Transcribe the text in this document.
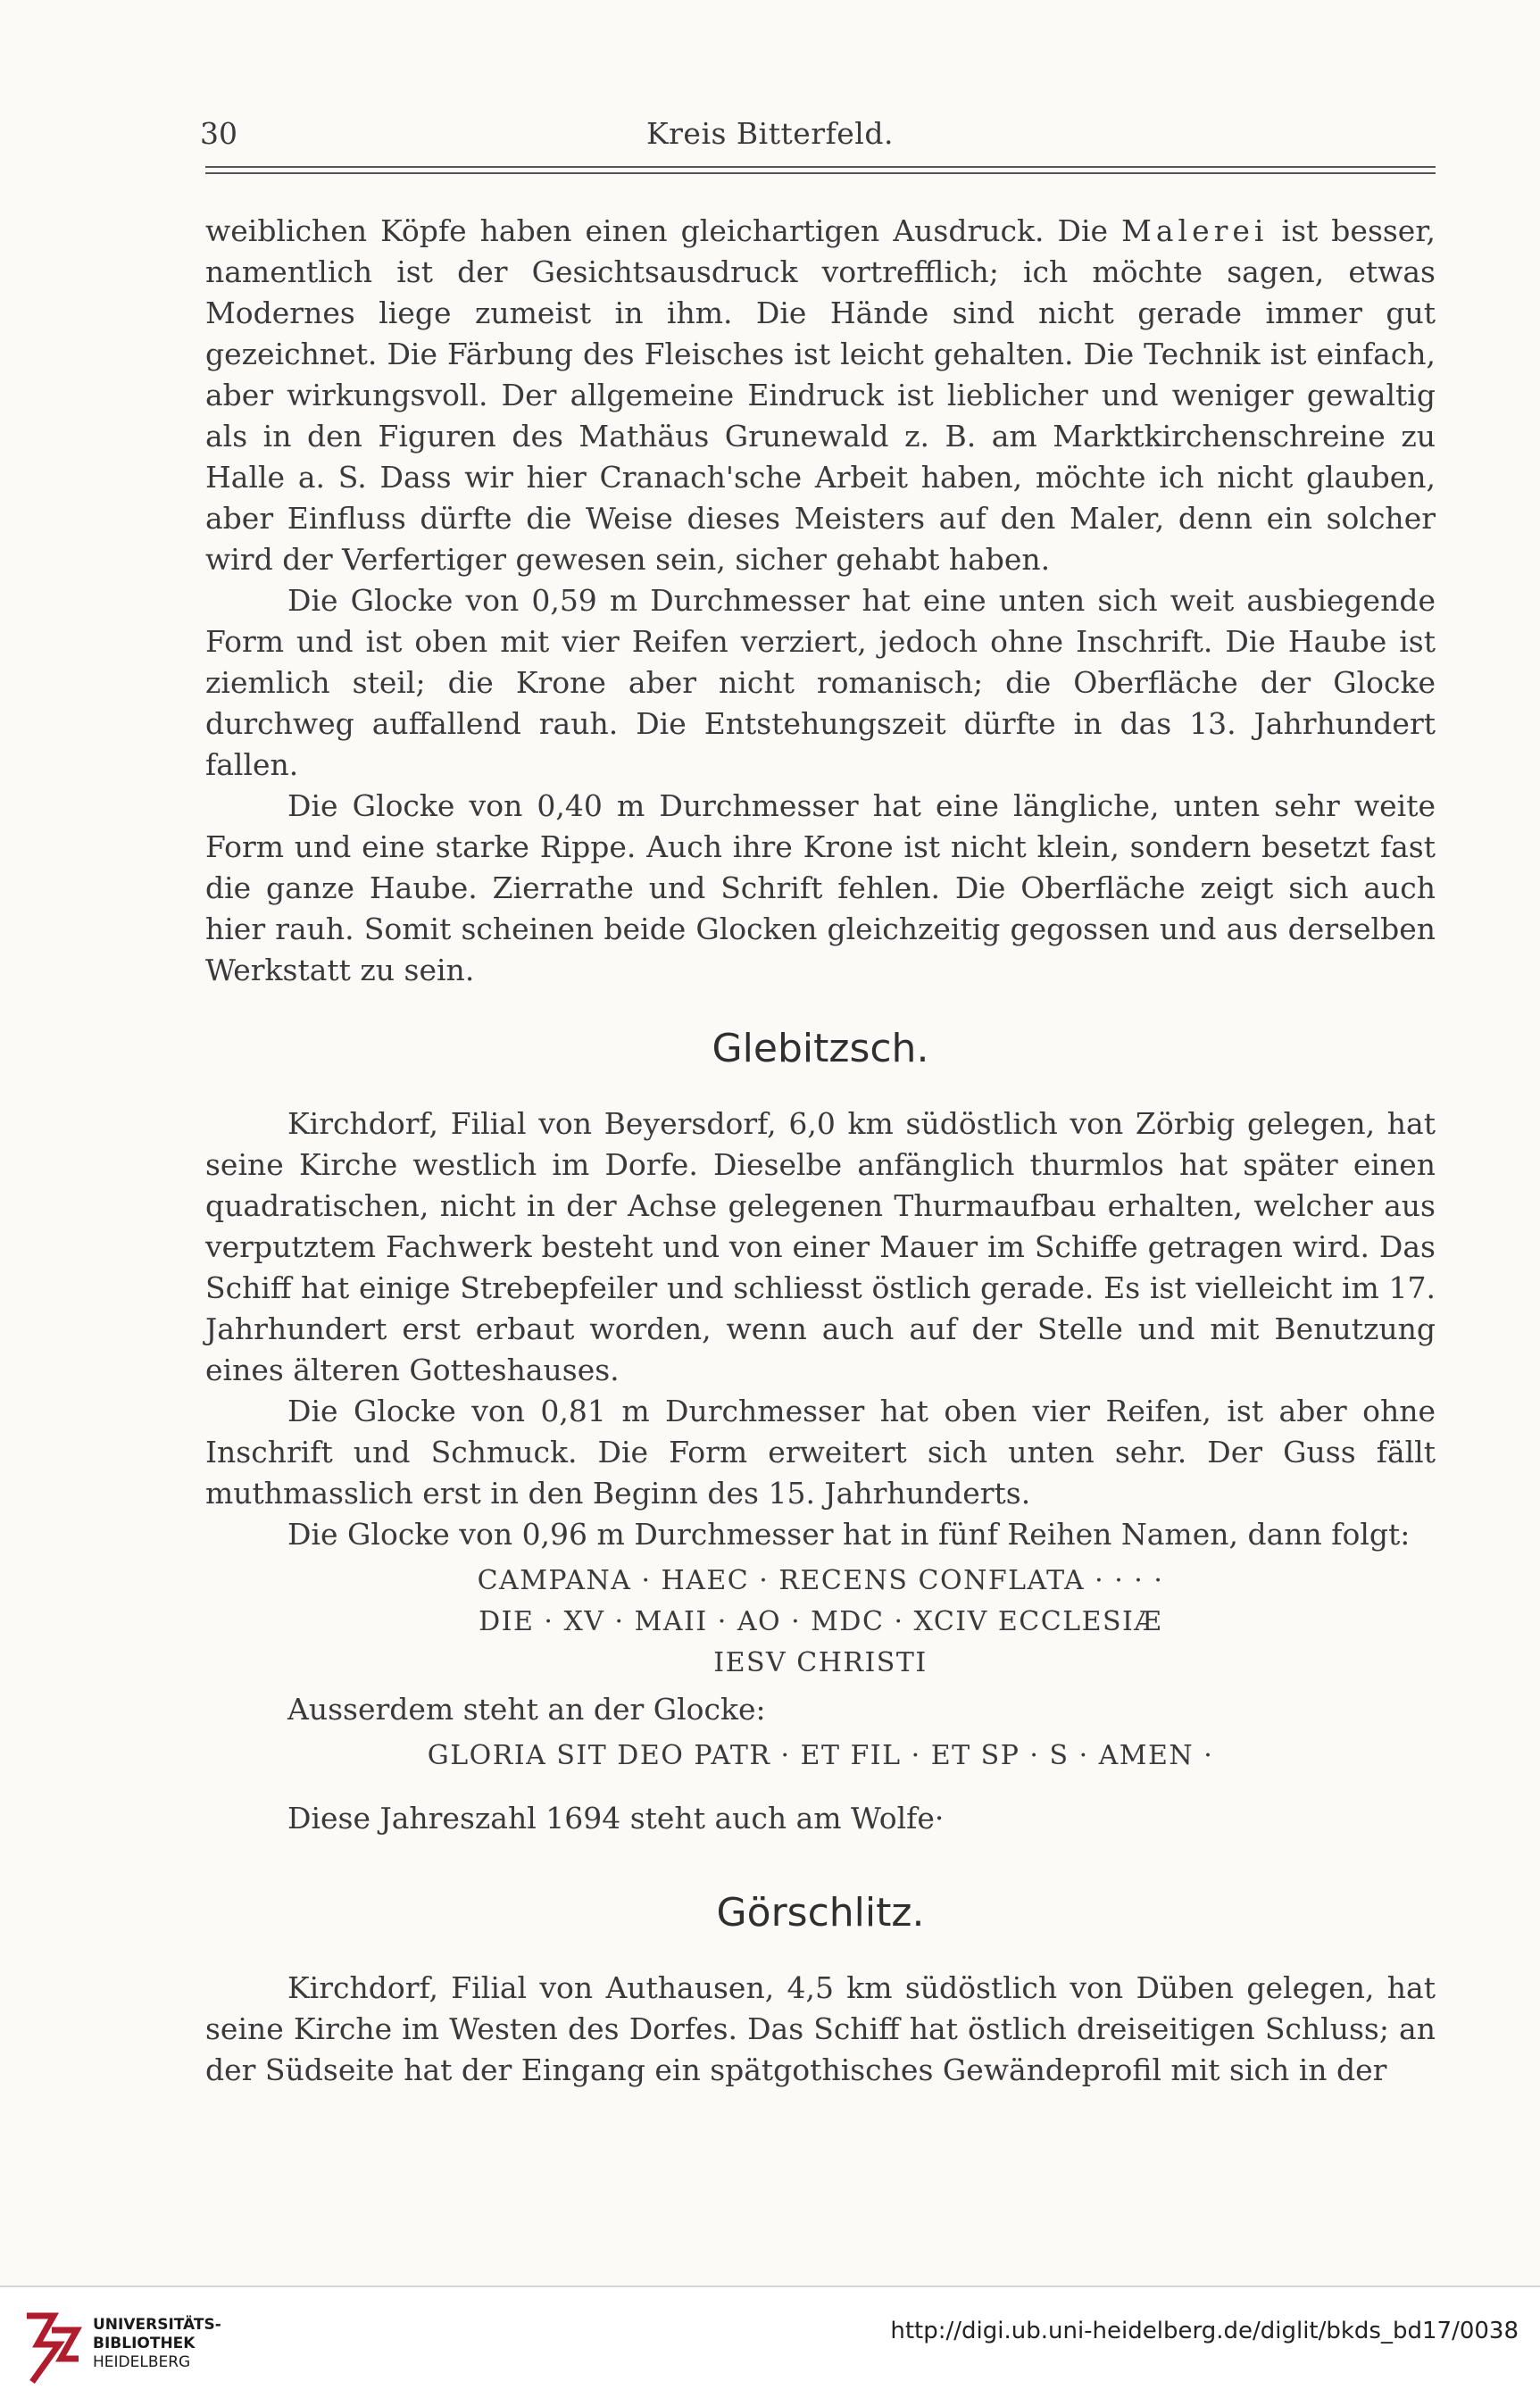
30	Kreis Bitterfeld.

weiblichen Köpfe haben einen gleichartigen Ausdruck. Die Malerei ist besser, namentlich ist der Gesichtsausdruck vortrefflich; ich möchte sagen, etwas Modernes liege zumeist in ihm. Die Hände sind nicht gerade immer gut gezeichnet. Die Färbung des Fleisches ist leicht gehalten. Die Technik ist einfach, aber wirkungsvoll. Der allgemeine Eindruck ist lieblicher und weniger gewaltig als in den Figuren des Mathäus Grunewald z. B. am Marktkirchenschreine zu Halle a. S. Dass wir hier Cranach'sche Arbeit haben, möchte ich nicht glauben, aber Einfluss dürfte die Weise dieses Meisters auf den Maler, denn ein solcher wird der Verfertiger gewesen sein, sicher gehabt haben.

Die Glocke von 0,59 m Durchmesser hat eine unten sich weit ausbiegende Form und ist oben mit vier Reifen verziert, jedoch ohne Inschrift. Die Haube ist ziemlich steil; die Krone aber nicht romanisch; die Oberfläche der Glocke durchweg auffallend rauh. Die Entstehungszeit dürfte in das 13. Jahrhundert fallen.

Die Glocke von 0,40 m Durchmesser hat eine längliche, unten sehr weite Form und eine starke Rippe. Auch ihre Krone ist nicht klein, sondern besetzt fast die ganze Haube. Zierrathe und Schrift fehlen. Die Oberfläche zeigt sich auch hier rauh. Somit scheinen beide Glocken gleichzeitig gegossen und aus derselben Werkstatt zu sein.

Glebitzsch.

Kirchdorf, Filial von Beyersdorf, 6,0 km südöstlich von Zörbig gelegen, hat seine Kirche westlich im Dorfe. Dieselbe anfänglich thurmlos hat später einen quadratischen, nicht in der Achse gelegenen Thurmaufbau erhalten, welcher aus verputztem Fachwerk besteht und von einer Mauer im Schiffe getragen wird. Das Schiff hat einige Strebepfeiler und schliesst östlich gerade. Es ist vielleicht im 17. Jahrhundert erst erbaut worden, wenn auch auf der Stelle und mit Benutzung eines älteren Gotteshauses.

Die Glocke von 0,81 m Durchmesser hat oben vier Reifen, ist aber ohne Inschrift und Schmuck. Die Form erweitert sich unten sehr. Der Guss fällt muthmasslich erst in den Beginn des 15. Jahrhunderts.

Die Glocke von 0,96 m Durchmesser hat in fünf Reihen Namen, dann folgt:

CAMPANA · HAEC · RECENS CONFLATA · · · ·
DIE · XV · MAII · AO · MDC · XCIV ECCLESIÆ
IESV CHRISTI

Ausserdem steht an der Glocke:

GLORIA SIT DEO PATR · ET FIL · ET SP · S · AMEN ·

Diese Jahreszahl 1694 steht auch am Wolfe·

Görschlitz.

Kirchdorf, Filial von Authausen, 4,5 km südöstlich von Düben gelegen, hat seine Kirche im Westen des Dorfes. Das Schiff hat östlich dreiseitigen Schluss; an der Südseite hat der Eingang ein spätgothisches Gewändeprofil mit sich in der

UNIVERSITÄTS-
BIBLIOTHEK
HEIDELBERG
http://digi.ub.uni-heidelberg.de/diglit/bkds_bd17/0038
